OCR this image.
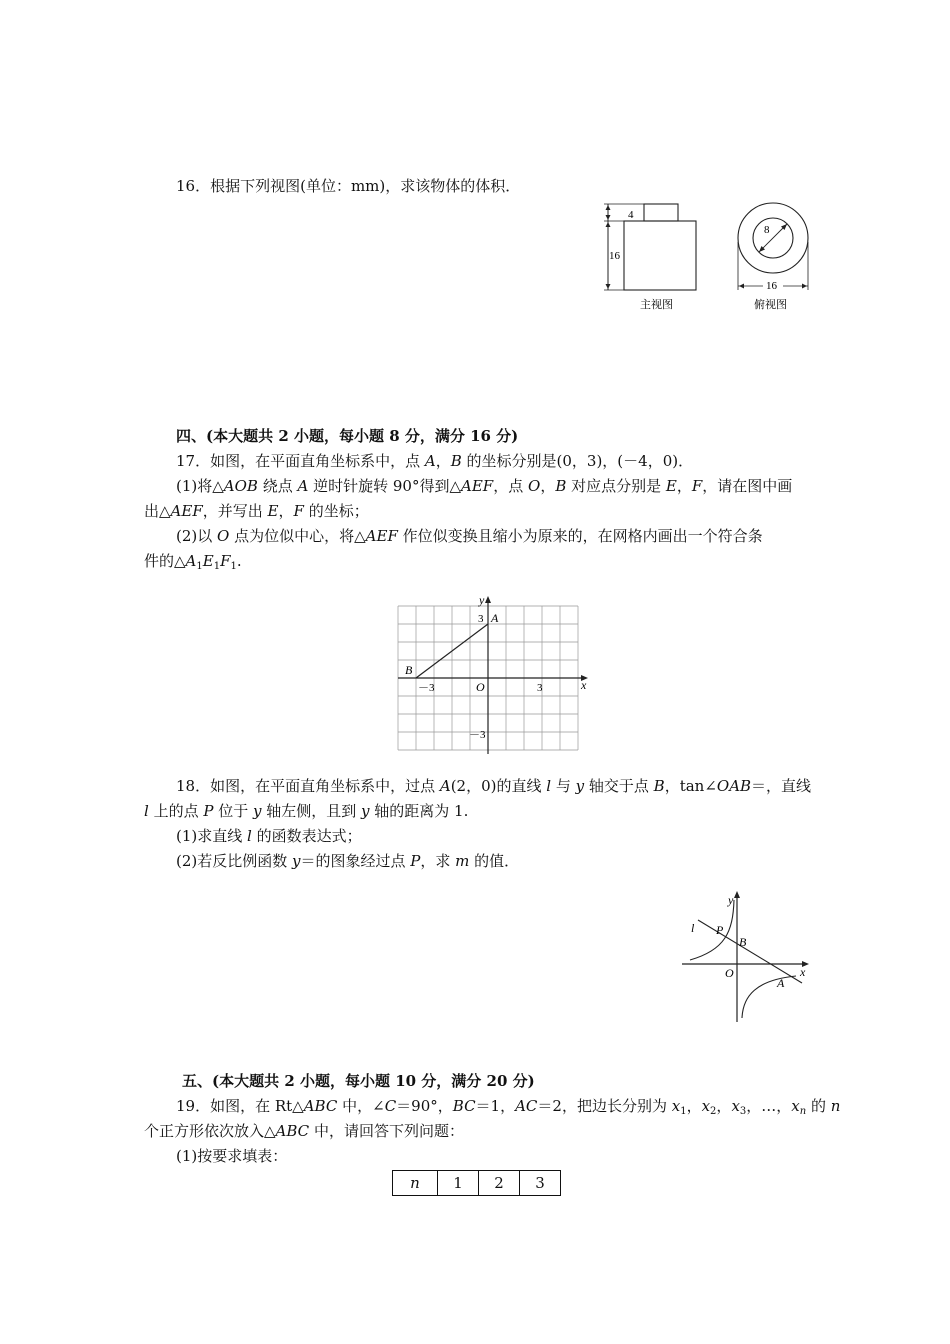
16．根据下列视图(单位：mm)，求该物体的体积．
4
16
主视图
8
16
俯视图
四、(本大题共 2 小题，每小题 8 分，满分 16 分)
17．如图，在平面直角坐标系中，点 A，B 的坐标分别是(0，3)，(－4，0)．
(1)将△AOB 绕点 A 逆时针旋转 90°得到△AEF，点 O，B 对应点分别是 E，F，请在图中画
出△AEF，并写出 E，F 的坐标；
(2)以 O 点为位似中心，将△AEF 作位似变换且缩小为原来的，在网格内画出一个符合条
件的$\triangle A_1E_1F_1$.
y
x
A
B
O
3
－3
－3	3
18．如图，在平面直角坐标系中，过点 A(2，0)的直线 l 与 y 轴交于点 B，tan∠OAB＝，直线
l 上的点 P 位于 y 轴左侧，且到 y 轴的距离为 1.
(1)求直线 l 的函数表达式；
(2)若反比例函数 y＝的图象经过点 P，求 m 的值．
y
x
l P
B
O
A
五、(本大题共 2 小题，每小题 10 分，满分 20 分)
19．如图，在 Rt△ABC 中，∠C＝90°，BC＝1，AC＝2，把边长分别为 $x_1$，$x_2$，$x_3$，…，$x_n$ 的 n
个正方形依次放入△ABC 中，请回答下列问题：
(1)按要求填表：
n	1	2	3
